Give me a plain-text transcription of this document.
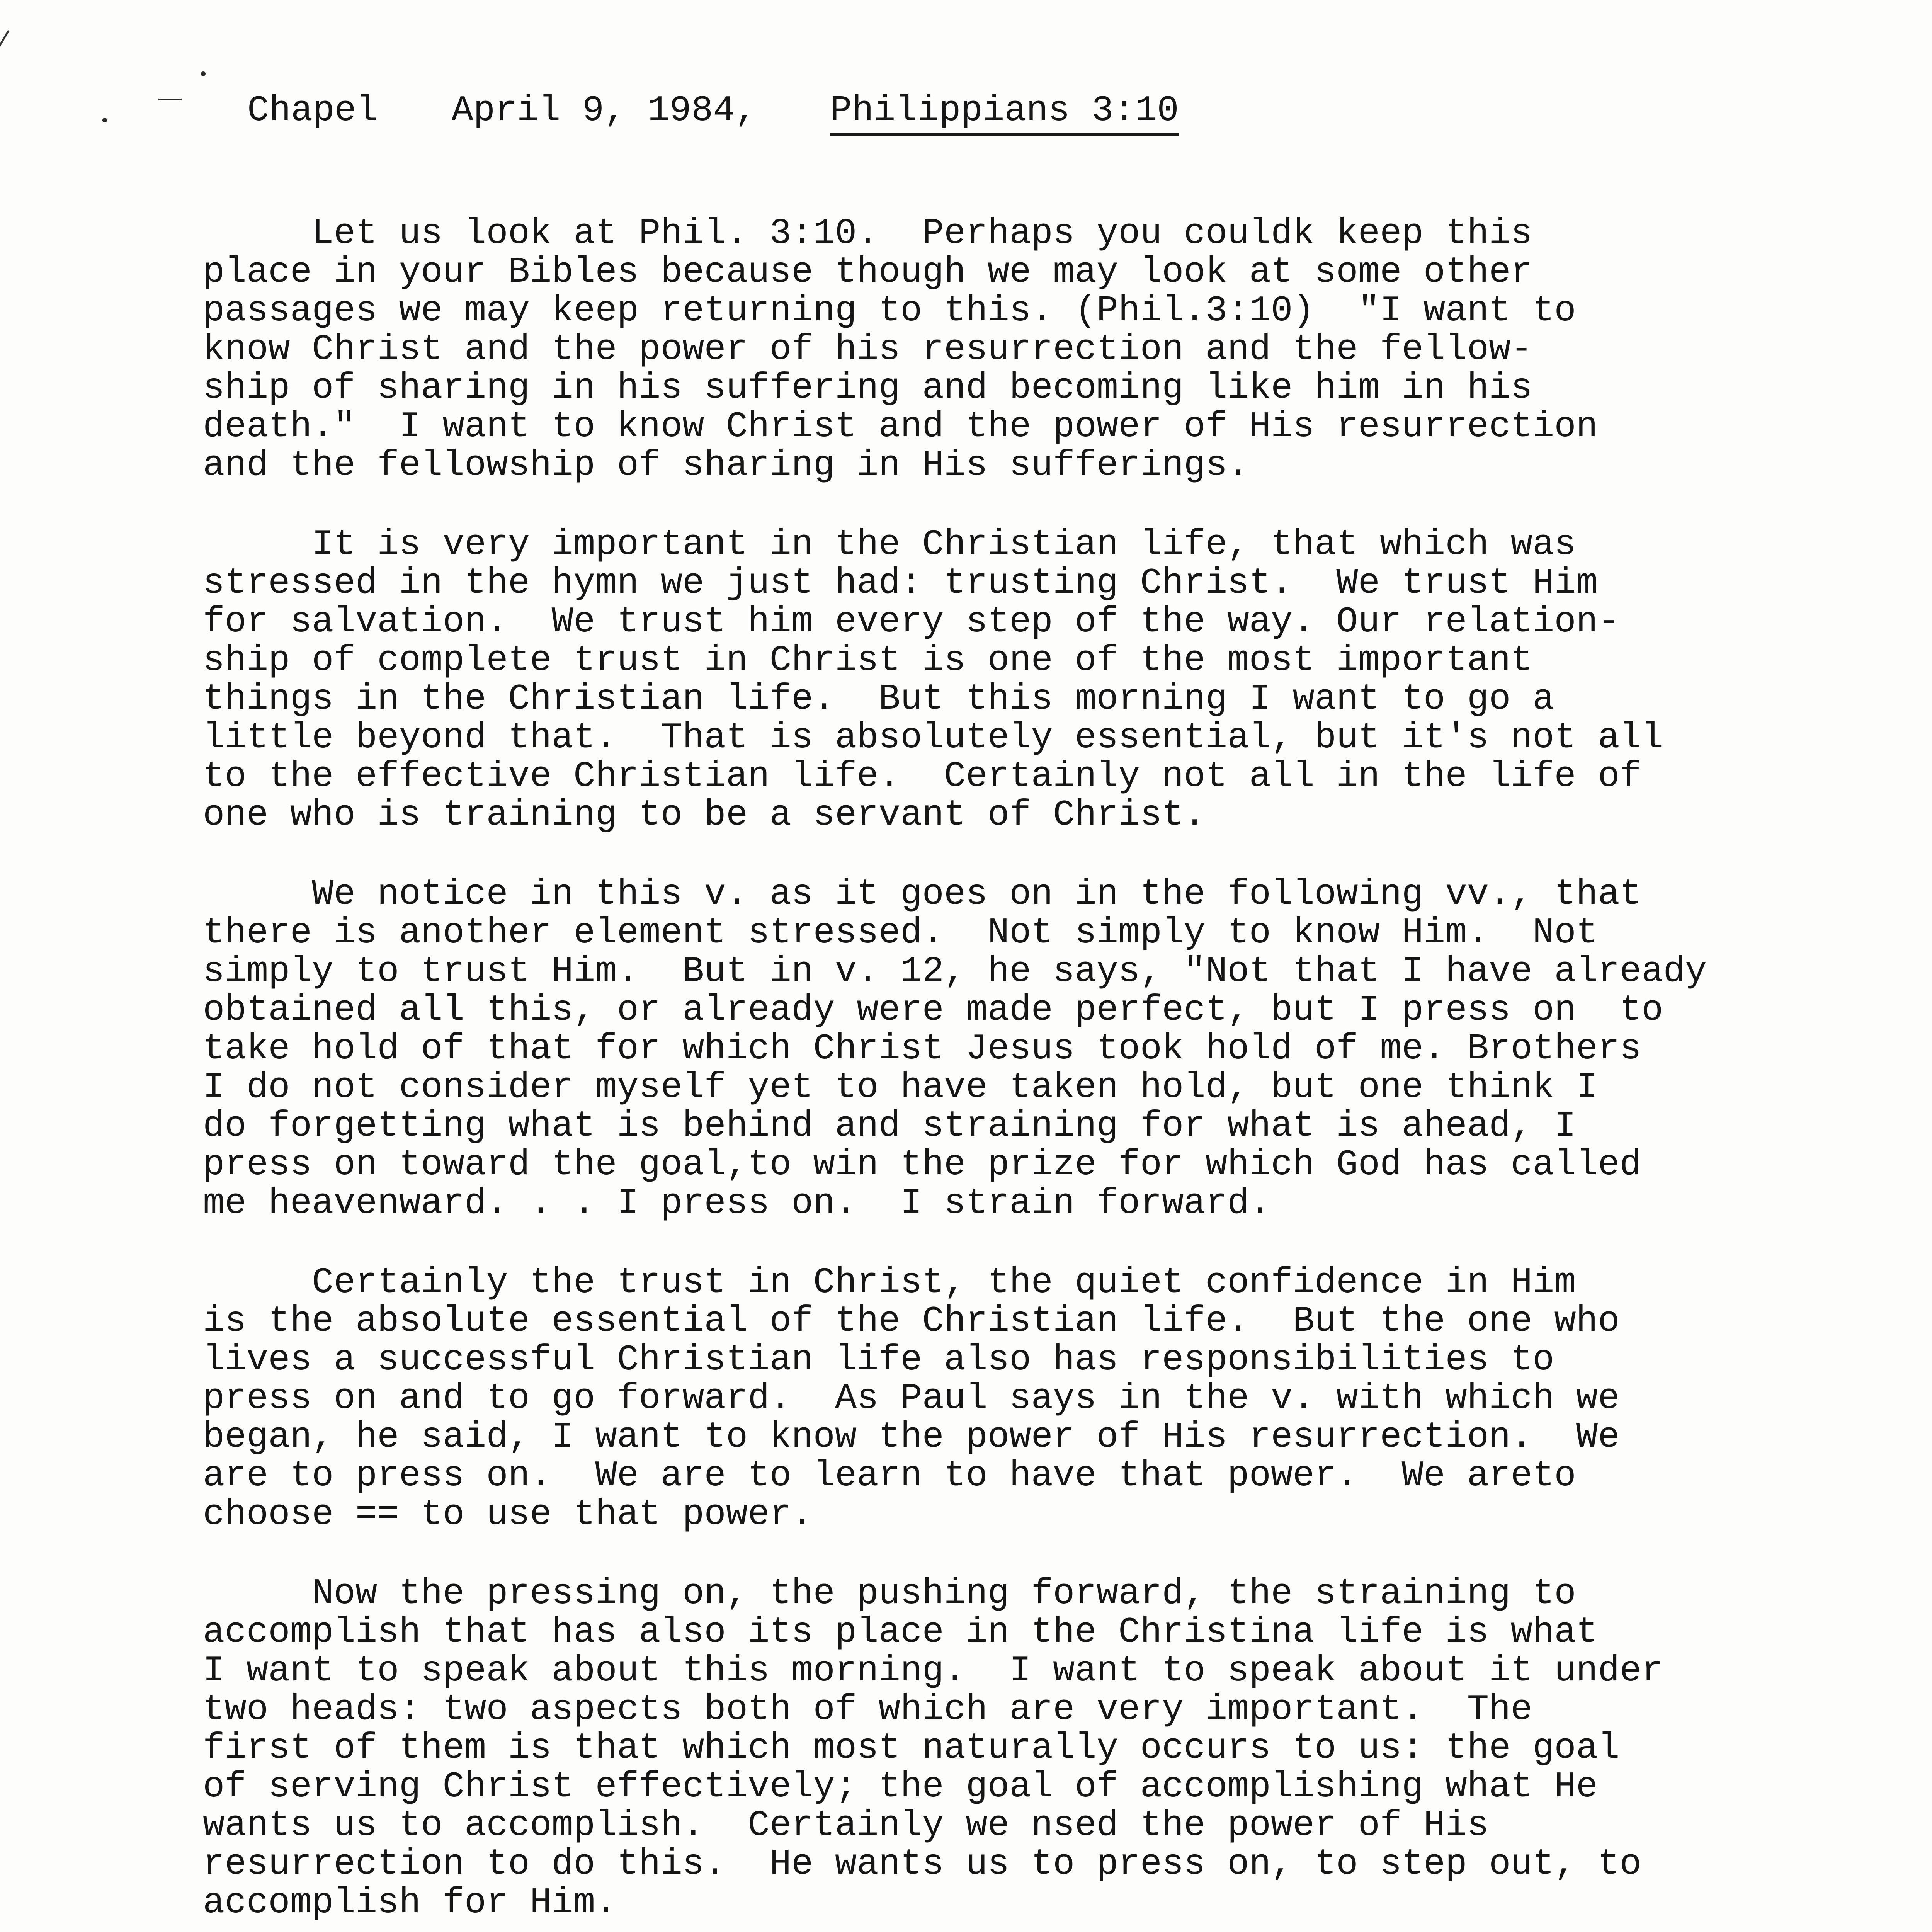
Chapel April 9, 1984, Philippians 3:10

Let us look at Phil. 3:10.  Perhaps you couldk keep this
place in your Bibles because though we may look at some other
passages we may keep returning to this. (Phil.3:10)  "I want to
know Christ and the power of his resurrection and the fellow-
ship of sharing in his suffering and becoming like him in his
death."  I want to know Christ and the power of His resurrection
and the fellowship of sharing in His sufferings.

It is very important in the Christian life, that which was
stressed in the hymn we just had: trusting Christ.  We trust Him
for salvation.  We trust him every step of the way. Our relation-
ship of complete trust in Christ is one of the most important
things in the Christian life.  But this morning I want to go a
little beyond that.  That is absolutely essential, but it's not all
to the effective Christian life.  Certainly not all in the life of
one who is training to be a servant of Christ.

We notice in this v. as it goes on in the following vv., that
there is another element stressed.  Not simply to know Him.  Not
simply to trust Him.  But in v. 12, he says, "Not that I have already
obtained all this, or already were made perfect, but I press on  to
take hold of that for which Christ Jesus took hold of me. Brothers
I do not consider myself yet to have taken hold, but one think I
do forgetting what is behind and straining for what is ahead, I
press on toward the goal,to win the prize for which God has called
me heavenward. . . I press on.  I strain forward.

Certainly the trust in Christ, the quiet confidence in Him
is the absolute essential of the Christian life.  But the one who
lives a successful Christian life also has responsibilities to
press on and to go forward.  As Paul says in the v. with which we
began, he said, I want to know the power of His resurrection.  We
are to press on.  We are to learn to have that power.  We areto
choose == to use that power.

Now the pressing on, the pushing forward, the straining to
accomplish that has also its place in the Christina life is what
I want to speak about this morning.  I want to speak about it under
two heads: two aspects both of which are very important.  The
first of them is that which most naturally occurs to us: the goal
of serving Christ effectively; the goal of accomplishing what He
wants us to accomplish.  Certainly we nsed the power of His
resurrection to do this.  He wants us to press on, to step out, to
accomplish for Him.
